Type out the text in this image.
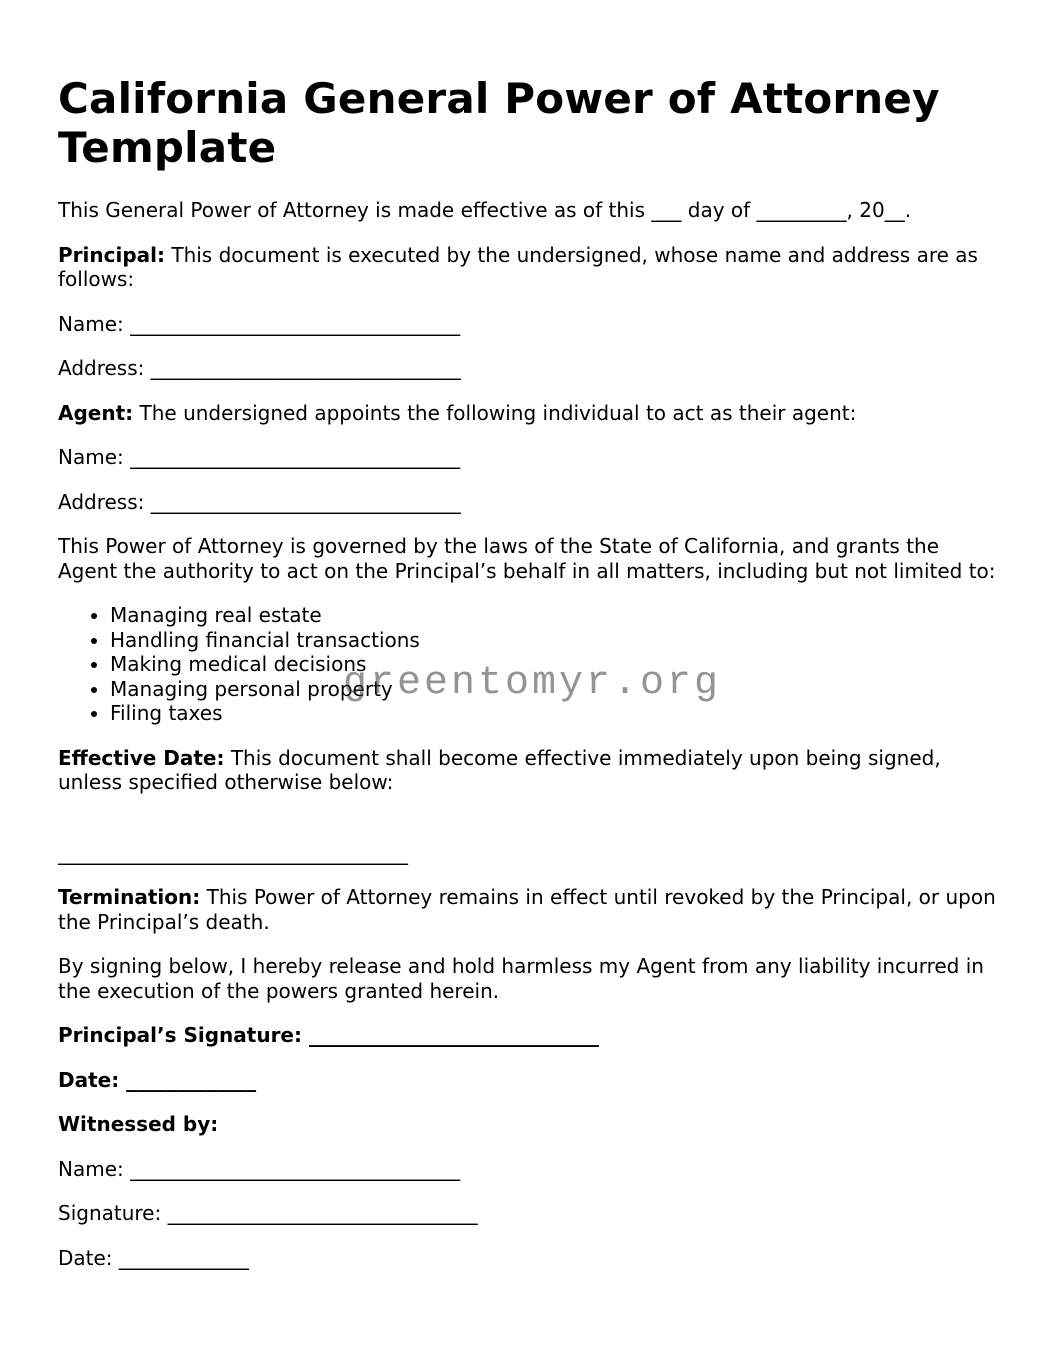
California General Power of Attorney Template

This General Power of Attorney is made effective as of this ___ day of _________, 20__.

Principal: This document is executed by the undersigned, whose name and address are as follows:

Name: _________________________________

Address: _______________________________

Agent: The undersigned appoints the following individual to act as their agent:

Name: _________________________________

Address: _______________________________

This Power of Attorney is governed by the laws of the State of California, and grants the Agent the authority to act on the Principal’s behalf in all matters, including but not limited to:

• Managing real estate
• Handling financial transactions
• Making medical decisions
• Managing personal property
• Filing taxes

Effective Date: This document shall become effective immediately upon being signed, unless specified otherwise below:

___________________________________

Termination: This Power of Attorney remains in effect until revoked by the Principal, or upon the Principal’s death.

By signing below, I hereby release and hold harmless my Agent from any liability incurred in the execution of the powers granted herein.

Principal’s Signature: _____________________________

Date: _____________

Witnessed by:

Name: _________________________________

Signature: _______________________________

Date: _____________

greentomyr.org
